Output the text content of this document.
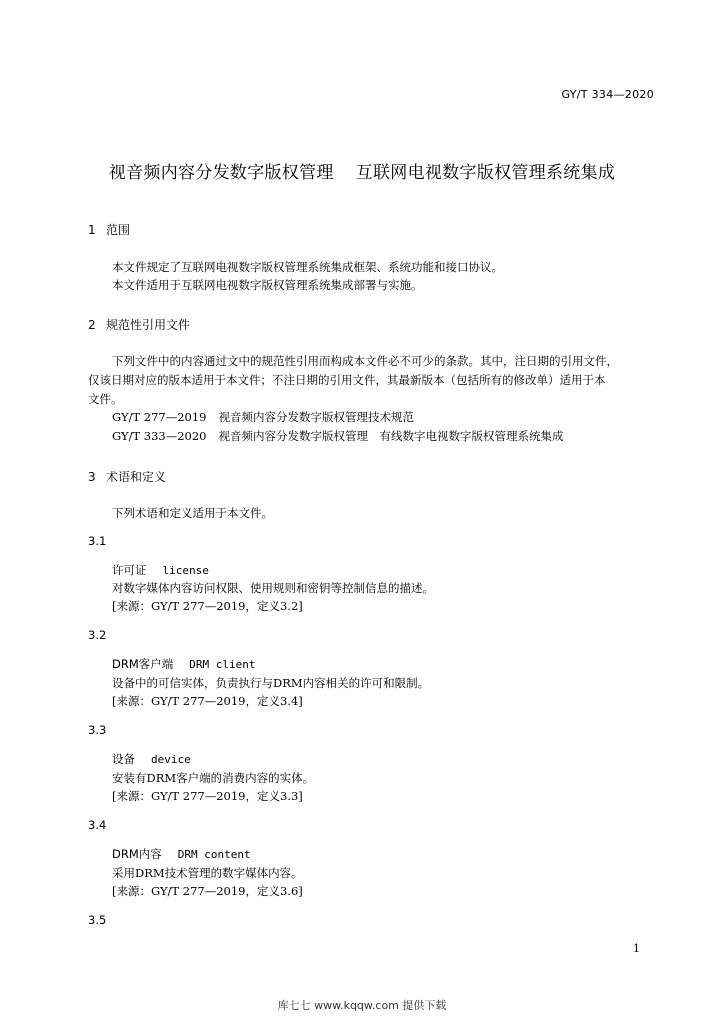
GY/T 334—2020
视音频内容分发数字版权管理 互联网电视数字版权管理系统集成
1 范围
本文件规定了互联网电视数字版权管理系统集成框架、系统功能和接口协议。
本文件适用于互联网电视数字版权管理系统集成部署与实施。
2 规范性引用文件
下列文件中的内容通过文中的规范性引用而构成本文件必不可少的条款。其中，注日期的引用文件，
仅该日期对应的版本适用于本文件；不注日期的引用文件，其最新版本（包括所有的修改单）适用于本
文件。
GY/T 277—2019 视音频内容分发数字版权管理技术规范
GY/T 333—2020 视音频内容分发数字版权管理　有线数字电视数字版权管理系统集成
3 术语和定义
下列术语和定义适用于本文件。
3.1
许可证 license
对数字媒体内容访问权限、使用规则和密钥等控制信息的描述。
[来源：GY/T 277—2019，定义3.2]
3.2
DRM客户端 DRM client
设备中的可信实体，负责执行与DRM内容相关的许可和限制。
[来源：GY/T 277—2019，定义3.4]
3.3
设备 device
安装有DRM客户端的消费内容的实体。
[来源：GY/T 277—2019，定义3.3]
3.4
DRM内容 DRM content
采用DRM技术管理的数字媒体内容。
[来源：GY/T 277—2019，定义3.6]
3.5
1
库七七 www.kqqw.com 提供下载
